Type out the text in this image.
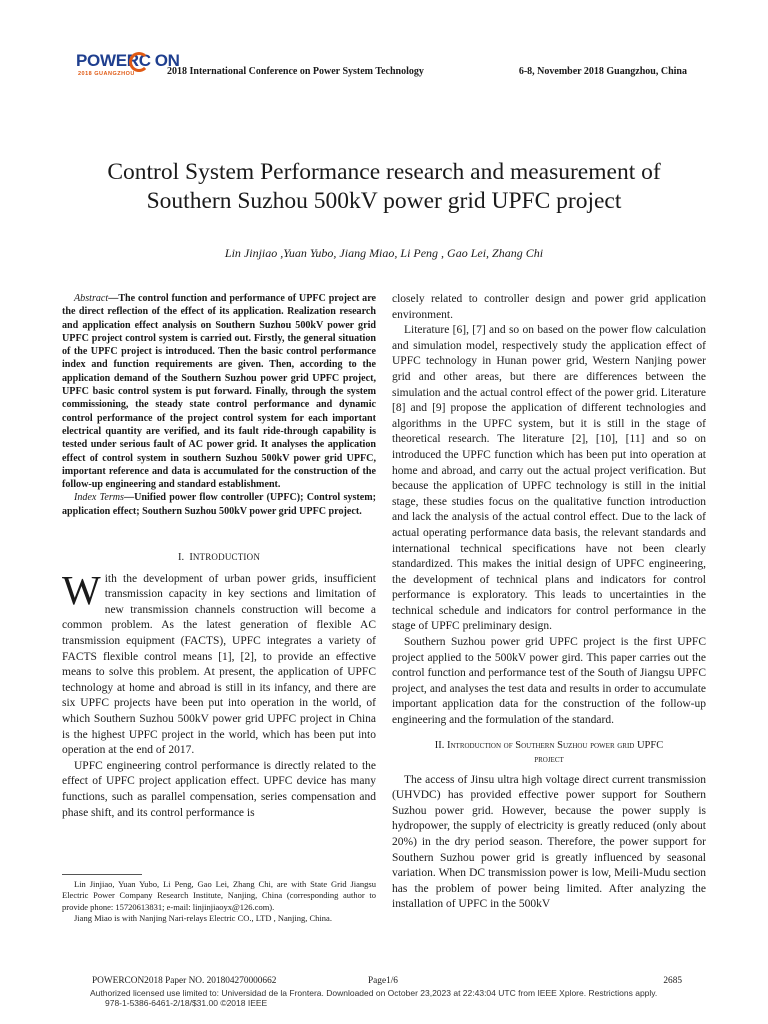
POWERC ON
2018 GUANGZHOU	2018 International Conference on Power System Technology	6-8, November 2018 Guangzhou, China
Control System Performance research and measurement of
Southern Suzhou 500kV power grid UPFC project
Lin Jinjiao ,Yuan Yubo, Jiang Miao, Li Peng , Gao Lei, Zhang Chi

Abstract—The control function and performance of UPFC project are the direct reflection of the effect of its application. Realization research and application effect analysis on Southern Suzhou 500kV power grid UPFC project control system is carried out. Firstly, the general situation of the UPFC project is introduced. Then the basic control performance index and function requirements are given. Then, according to the application demand of the Southern Suzhou power grid UPFC project, UPFC basic control system is put forward. Finally, through the system commissioning, the steady state control performance and dynamic control performance of the project control system for each important electrical quantity are verified, and its fault ride-through capability is tested under serious fault of AC power grid. It analyses the application effect of control system in southern Suzhou 500kV power grid UPFC, important reference and data is accumulated for the construction of the follow-up engineering and standard establishment.

Index Terms—Unified power flow controller (UPFC); Control system; application effect; Southern Suzhou 500kV power grid UPFC project.

I. INTRODUCTION

With the development of urban power grids, insufficient transmission capacity in key sections and limitation of new transmission channels construction will become a common problem. As the latest generation of flexible AC transmission equipment (FACTS), UPFC integrates a variety of FACTS flexible control means [1], [2], to provide an effective means to solve this problem. At present, the application of UPFC technology at home and abroad is still in its infancy, and there are six UPFC projects have been put into operation in the world, of which Southern Suzhou 500kV power grid UPFC project in China is the highest UPFC project in the world, which has been put into operation at the end of 2017.

UPFC engineering control performance is directly related to the effect of UPFC project application effect. UPFC device has many functions, such as parallel compensation, series compensation and phase shift, and its control performance is

Lin Jinjiao, Yuan Yubo, Li Peng, Gao Lei, Zhang Chi, are with State Grid Jiangsu Electric Power Company Research Institute, Nanjing, China (corresponding author to provide phone: 15720613831; e-mail: linjinjiaoyx@126.com).

Jiang Miao is with Nanjing Nari-relays Electric CO., LTD , Nanjing, China.

closely related to controller design and power grid application environment.

Literature [6], [7] and so on based on the power flow calculation and simulation model, respectively study the application effect of UPFC technology in Hunan power grid, Western Nanjing power grid and other areas, but there are differences between the simulation and the actual control effect of the power grid. Literature [8] and [9] propose the application of different technologies and algorithms in the UPFC system, but it is still in the stage of theoretical research. The literature [2], [10], [11] and so on introduced the UPFC function which has been put into operation at home and abroad, and carry out the actual project verification. But because the application of UPFC technology is still in the initial stage, these studies focus on the qualitative function introduction and lack the analysis of the actual control effect. Due to the lack of actual operating performance data basis, the relevant standards and international technical specifications have not been clearly standardized. This makes the initial design of UPFC engineering, the development of technical plans and indicators for control performance is exploratory. This leads to uncertainties in the technical schedule and indicators for control performance in the stage of UPFC preliminary design.

Southern Suzhou power grid UPFC project is the first UPFC project applied to the 500kV power gird. This paper carries out the control function and performance test of the South of Jiangsu UPFC project, and analyses the test data and results in order to accumulate important application data for the construction of the follow-up engineering and the formulation of the standard.

II. Introduction of Southern Suzhou power grid UPFC
project

The access of Jinsu ultra high voltage direct current transmission (UHVDC) has provided effective power support for Southern Suzhou power grid. However, because the power supply is hydropower, the supply of electricity is greatly reduced (only about 20%) in the dry period season. Therefore, the power support for Southern Suzhou power grid is greatly influenced by seasonal variation. When DC transmission power is low, Meili-Mudu section has the problem of power being limited. After analyzing the installation of UPFC in the 500kV

POWERCON2018 Paper NO. 201804270000662	Page1/6	2685
Authorized licensed use limited to: Universidad de la Frontera. Downloaded on October 23,2023 at 22:43:04 UTC from IEEE Xplore. Restrictions apply.
978-1-5386-6461-2/18/$31.00 ©2018 IEEE
